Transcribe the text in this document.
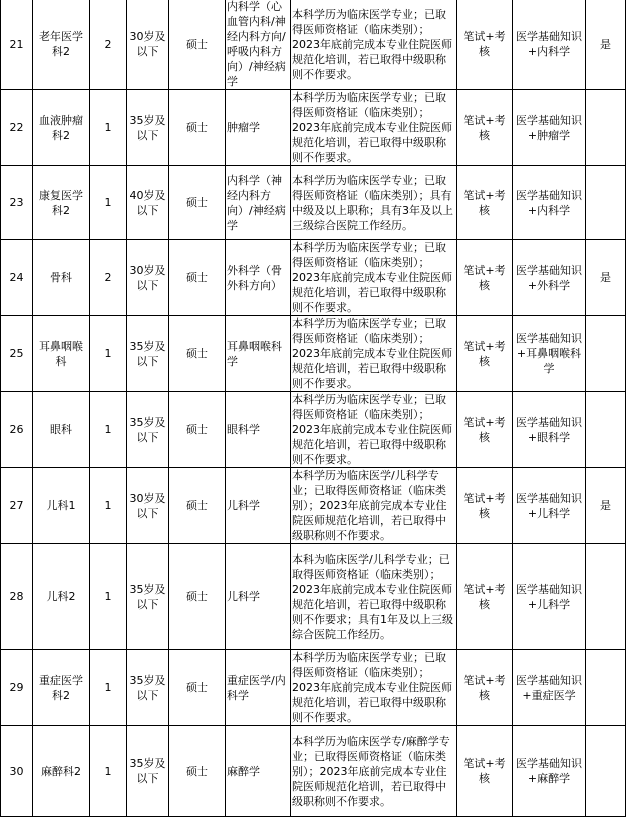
21	老年医学科2	2	30岁及以下	硕士	内科学（心血管内科/神经内科方向/呼吸内科方向）/神经病学	本科学历为临床医学专业；已取得医师资格证（临床类别）；2023年底前完成本专业住院医师规范化培训，若已取得中级职称则不作要求。	笔试+考核	医学基础知识+内科学	是
22	血液肿瘤科2	1	35岁及以下	硕士	肿瘤学	本科学历为临床医学专业；已取得医师资格证（临床类别）；2023年底前完成本专业住院医师规范化培训，若已取得中级职称则不作要求。	笔试+考核	医学基础知识+肿瘤学	
23	康复医学科2	1	40岁及以下	硕士	内科学（神经内科方向）/神经病学	本科学历为临床医学专业；已取得医师资格证（临床类别）；具有中级及以上职称；具有3年及以上三级综合医院工作经历。	笔试+考核	医学基础知识+内科学	
24	骨科	2	30岁及以下	硕士	外科学（骨外科方向）	本科学历为临床医学专业；已取得医师资格证（临床类别）；2023年底前完成本专业住院医师规范化培训，若已取得中级职称则不作要求。	笔试+考核	医学基础知识+外科学	是
25	耳鼻咽喉科	1	35岁及以下	硕士	耳鼻咽喉科学	本科学历为临床医学专业；已取得医师资格证（临床类别）；2023年底前完成本专业住院医师规范化培训，若已取得中级职称则不作要求。	笔试+考核	医学基础知识+耳鼻咽喉科学	
26	眼科	1	35岁及以下	硕士	眼科学	本科学历为临床医学专业；已取得医师资格证（临床类别）；2023年底前完成本专业住院医师规范化培训，若已取得中级职称则不作要求。	笔试+考核	医学基础知识+眼科学	
27	儿科1	1	30岁及以下	硕士	儿科学	本科学历为临床医学/儿科学专业；已取得医师资格证（临床类别）；2023年底前完成本专业住院医师规范化培训，若已取得中级职称则不作要求。	笔试+考核	医学基础知识+儿科学	是
28	儿科2	1	35岁及以下	硕士	儿科学	本科为临床医学/儿科学专业；已取得医师资格证（临床类别）；2023年底前完成本专业住院医师规范化培训，若已取得中级职称则不作要求；具有1年及以上三级综合医院工作经历。	笔试+考核	医学基础知识+儿科学	
29	重症医学科2	1	35岁及以下	硕士	重症医学/内科学	本科学历为临床医学专业；已取得医师资格证（临床类别）；2023年底前完成本专业住院医师规范化培训，若已取得中级职称则不作要求。	笔试+考核	医学基础知识+重症医学	
30	麻醉科2	1	35岁及以下	硕士	麻醉学	本科学历为临床医学专/麻醉学专业；已取得医师资格证（临床类别）；2023年底前完成本专业住院医师规范化培训，若已取得中级职称则不作要求。	笔试+考核	医学基础知识+麻醉学	
